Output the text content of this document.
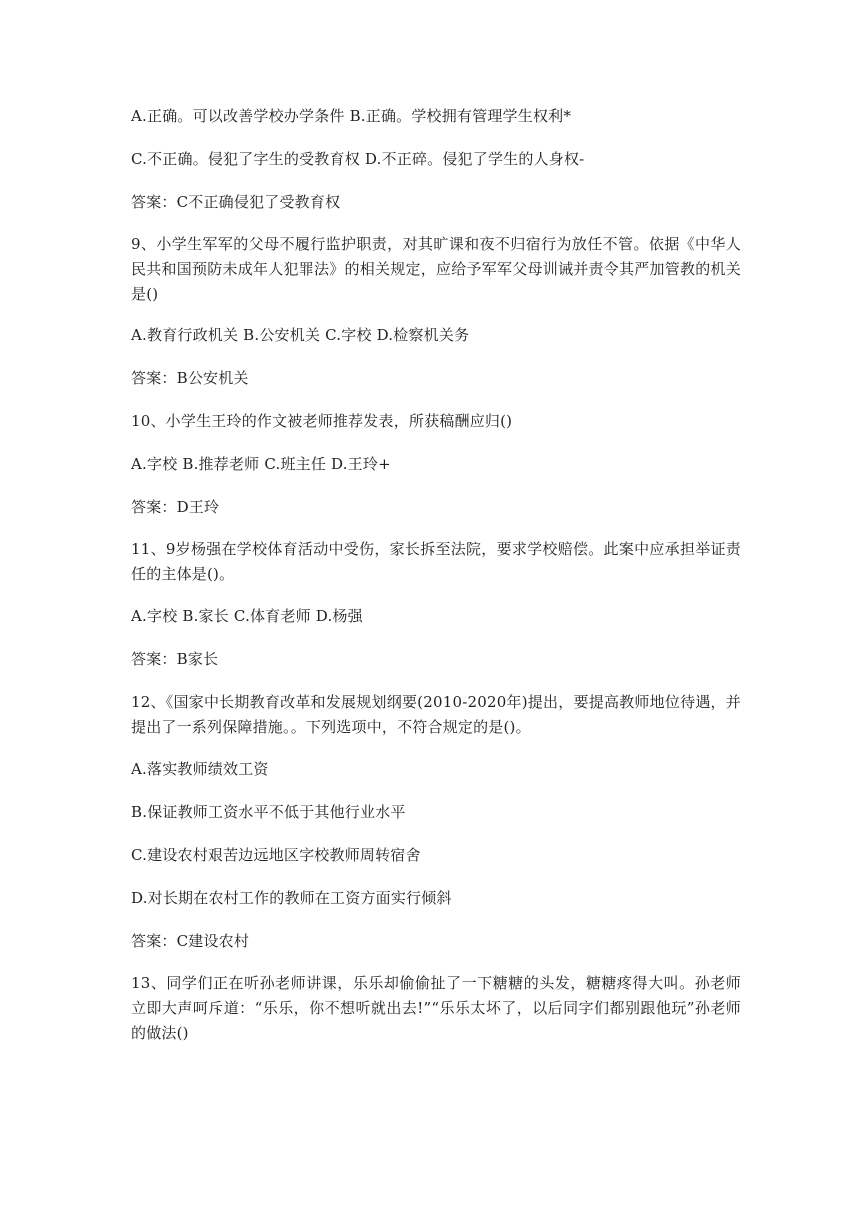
A.正确。可以改善学校办学条件 B.正确。学校拥有管理学生权利*
C.不正确。侵犯了字生的受教育权 D.不正碎。侵犯了学生的人身权-
答案：C不正确侵犯了受教育权
9、小学生军军的父母不履行监护职责，对其旷课和夜不归宿行为放任不管。依据《中华人民共和国预防未成年人犯罪法》的相关规定，应给予军军父母训诫并责令其严加管教的机关是()
A.教育行政机关 B.公安机关 C.字校 D.检察机关务
答案：B公安机关
10、小学生王玲的作文被老师推荐发表，所获稿酬应归()
A.字校 B.推荐老师 C.班主任 D.王玲+
答案：D王玲
11、9岁杨强在学校体育活动中受伤，家长拆至法院，要求学校赔偿。此案中应承担举证责任的主体是()。
A.字校 B.家长 C.体育老师 D.杨强
答案：B家长
12、《国家中长期教育改革和发展规划纲要(2010-2020年)提出，要提高教师地位待遇，并提出了一系列保障措施。。下列选项中，不符合规定的是()。
A.落实教师绩效工资
B.保证教师工资水平不低于其他行业水平
C.建设农村艰苦边远地区字校教师周转宿舍
D.对长期在农村工作的教师在工资方面实行倾斜
答案：C建设农村
13、同学们正在听孙老师讲课，乐乐却偷偷扯了一下糖糖的头发，糖糖疼得大叫。孙老师立即大声呵斥道：“乐乐，你不想听就出去!”“乐乐太坏了，以后同字们都别跟他玩”孙老师的做法()
